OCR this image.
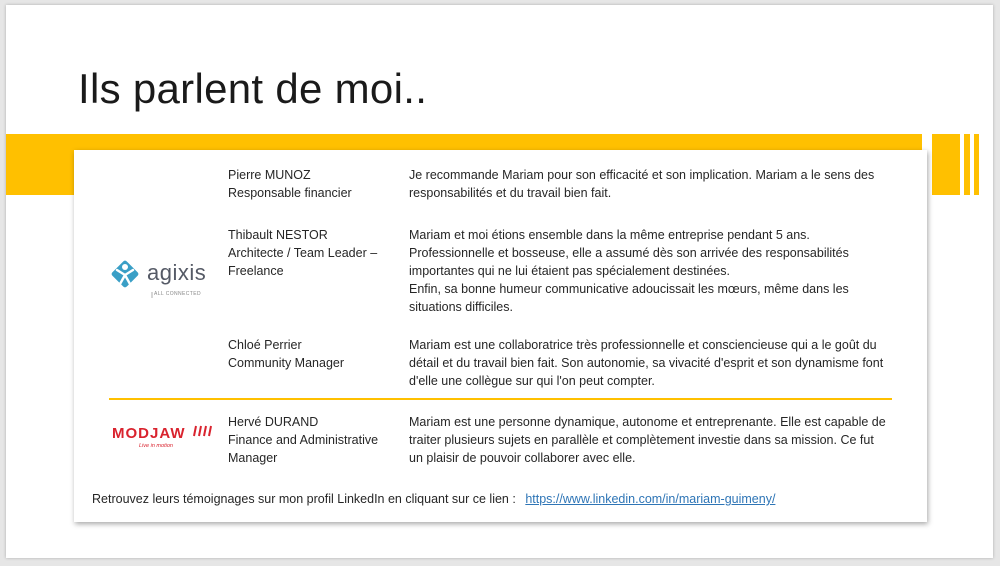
Ils parlent de moi..
agixis
ALL CONNECTED
MODJAW
Live in motion
Pierre MUNOZ
Responsable financier
Je recommande Mariam pour son efficacité et son implication. Mariam a le sens des
responsabilités et du travail bien fait.
Thibault NESTOR
Architecte / Team Leader –
Freelance
Mariam et moi étions ensemble dans la même entreprise pendant 5 ans.
Professionnelle et bosseuse, elle a assumé dès son arrivée des responsabilités
importantes qui ne lui étaient pas spécialement destinées.
Enfin, sa bonne humeur communicative adoucissait les mœurs, même dans les
situations difficiles.
Chloé Perrier
Community Manager
Mariam est une collaboratrice très professionnelle et consciencieuse qui a le goût du
détail et du travail bien fait. Son autonomie, sa vivacité d'esprit et son dynamisme font
d'elle une collègue sur qui l'on peut compter.
Hervé DURAND
Finance and Administrative
Manager
Mariam est une personne dynamique, autonome et entreprenante. Elle est capable de
traiter plusieurs sujets en parallèle et complètement investie dans sa mission. Ce fut
un plaisir de pouvoir collaborer avec elle.
Retrouvez leurs témoignages sur mon profil LinkedIn en cliquant sur ce lien : https://www.linkedin.com/in/mariam-guimeny/
